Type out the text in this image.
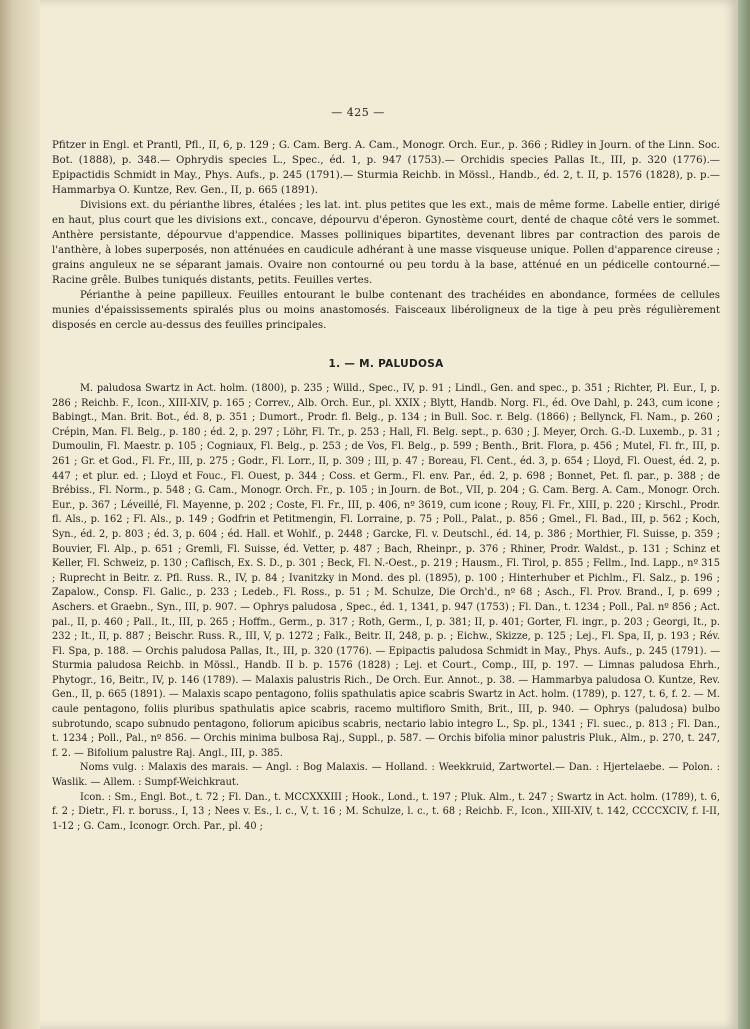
— 425 —

Pfitzer in Engl. et Prantl, Pfl., II, 6, p. 129 ; G. Cam. Berg. A. Cam., Monogr. Orch. Eur., p. 366 ; Ridley in Journ. of the Linn. Soc. Bot. (1888), p. 348.— Ophrydis species L., Spec., éd. 1, p. 947 (1753).— Orchidis species Pallas It., III, p. 320 (1776).— Epipactidis Schmidt in May., Phys. Aufs., p. 245 (1791).— Sturmia Reichb. in Mössl., Handb., éd. 2, t. II, p. 1576 (1828), p. p.— Hammarbya O. Kuntze, Rev. Gen., II, p. 665 (1891).

Divisions ext. du périanthe libres, étalées ; les lat. int. plus petites que les ext., mais de même forme. Labelle entier, dirigé en haut, plus court que les divisions ext., concave, dépourvu d'éperon. Gynostème court, denté de chaque côté vers le sommet. Anthère persistante, dépourvue d'appendice. Masses polliniques bipartites, devenant libres par contraction des parois de l'anthère, à lobes superposés, non atténuées en caudicule adhérant à une masse visqueuse unique. Pollen d'apparence cireuse ; grains anguleux ne se séparant jamais. Ovaire non contourné ou peu tordu à la base, atténué en un pédicelle contourné.— Racine grêle. Bulbes tuniqués distants, petits. Feuilles vertes.

Périanthe à peine papilleux. Feuilles entourant le bulbe contenant des trachéides en abondance, formées de cellules munies d'épaississements spiralés plus ou moins anastomosés. Faisceaux libéroligneux de la tige à peu près régulièrement disposés en cercle au-dessus des feuilles principales.

1. — M. PALUDOSA

M. paludosa Swartz in Act. holm. (1800), p. 235 ; Willd., Spec., IV, p. 91 ; Lindl., Gen. and spec., p. 351 ; Richter, Pl. Eur., I, p. 286 ; Reichb. F., Icon., XIII-XIV, p. 165 ; Correv., Alb. Orch. Eur., pl. XXIX ; Blytt, Handb. Norg. Fl., éd. Ove Dahl, p. 243, cum icone ; Babingt., Man. Brit. Bot., éd. 8, p. 351 ; Dumort., Prodr. fl. Belg., p. 134 ; in Bull. Soc. r. Belg. (1866) ; Bellynck, Fl. Nam., p. 260 ; Crépin, Man. Fl. Belg., p. 180 ; éd. 2, p. 297 ; Löhr, Fl. Tr., p. 253 ; Hall, Fl. Belg. sept., p. 630 ; J. Meyer, Orch. G.-D. Luxemb., p. 31 ; Dumoulin, Fl. Maestr. p. 105 ; Cogniaux, Fl. Belg., p. 253 ; de Vos, Fl. Belg., p. 599 ; Benth., Brit. Flora, p. 456 ; Mutel, Fl. fr., III, p. 261 ; Gr. et God., Fl. Fr., III, p. 275 ; Godr., Fl. Lorr., II, p. 309 ; III, p. 47 ; Boreau, Fl. Cent., éd. 3, p. 654 ; Lloyd, Fl. Ouest, éd. 2, p. 447 ; et plur. ed. ; Lloyd et Fouc., Fl. Ouest, p. 344 ; Coss. et Germ., Fl. env. Par., éd. 2, p. 698 ; Bonnet, Pet. fl. par., p. 388 ; de Brébiss., Fl. Norm., p. 548 ; G. Cam., Monogr. Orch. Fr., p. 105 ; in Journ. de Bot., VII, p. 204 ; G. Cam. Berg. A. Cam., Monogr. Orch. Eur., p. 367 ; Léveillé, Fl. Mayenne, p. 202 ; Coste, Fl. Fr., III, p. 406, nº 3619, cum icone ; Rouy, Fl. Fr., XIII, p. 220 ; Kirschl., Prodr. fl. Als., p. 162 ; Fl. Als., p. 149 ; Godfrin et Petitmengin, Fl. Lorraine, p. 75 ; Poll., Palat., p. 856 ; Gmel., Fl. Bad., III, p. 562 ; Koch, Syn., éd. 2, p. 803 ; éd. 3, p. 604 ; éd. Hall. et Wohlf., p. 2448 ; Garcke, Fl. v. Deutschl., éd. 14, p. 386 ; Morthier, Fl. Suisse, p. 359 ; Bouvier, Fl. Alp., p. 651 ; Gremli, Fl. Suisse, éd. Vetter, p. 487 ; Bach, Rheinpr., p. 376 ; Rhiner, Prodr. Waldst., p. 131 ; Schinz et Keller, Fl. Schweiz, p. 130 ; Caflisch, Ex. S. D., p. 301 ; Beck, Fl. N.-Oest., p. 219 ; Hausm., Fl. Tirol, p. 855 ; Fellm., Ind. Lapp., nº 315 ; Ruprecht in Beitr. z. Pfl. Russ. R., IV, p. 84 ; Ivanitzky in Mond. des pl. (1895), p. 100 ; Hinterhuber et Pichlm., Fl. Salz., p. 196 ; Zapalow., Consp. Fl. Galic., p. 233 ; Ledeb., Fl. Ross., p. 51 ; M. Schulze, Die Orch'd., nº 68 ; Asch., Fl. Prov. Brand., I, p. 699 ; Aschers. et Graebn., Syn., III, p. 907. — Ophrys paludosa , Spec., éd. 1, 1341, p. 947 (1753) ; Fl. Dan., t. 1234 ; Poll., Pal. nº 856 ; Act. pal., II, p. 460 ; Pall., It., III, p. 265 ; Hoffm., Germ., p. 317 ; Roth, Germ., I, p. 381; II, p. 401; Gorter, Fl. ingr., p. 203 ; Georgi, It., p. 232 ; It., II, p. 887 ; Beischr. Russ. R., III, V, p. 1272 ; Falk., Beitr. II, 248, p. p. ; Eichw., Skizze, p. 125 ; Lej., Fl. Spa, II, p. 193 ; Rév. Fl. Spa, p. 188. — Orchis paludosa Pallas, It., III, p. 320 (1776). — Epipactis paludosa Schmidt in May., Phys. Aufs., p. 245 (1791). — Sturmia paludosa Reichb. in Mössl., Handb. II b. p. 1576 (1828) ; Lej. et Court., Comp., III, p. 197. — Limnas paludosa Ehrh., Phytogr., 16, Beitr., IV, p. 146 (1789). — Malaxis palustris Rich., De Orch. Eur. Annot., p. 38. — Hammarbya paludosa O. Kuntze, Rev. Gen., II, p. 665 (1891). — Malaxis scapo pentagono, foliis spathulatis apice scabris Swartz in Act. holm. (1789), p. 127, t. 6, f. 2. — M. caule pentagono, foliis pluribus spathulatis apice scabris, racemo multifloro Smith, Brit., III, p. 940. — Ophrys (paludosa) bulbo subrotundo, scapo subnudo pentagono, foliorum apicibus scabris, nectario labio integro L., Sp. pl., 1341 ; Fl. suec., p. 813 ; Fl. Dan., t. 1234 ; Poll., Pal., nº 856. — Orchis minima bulbosa Raj., Suppl., p. 587. — Orchis bifolia minor palustris Pluk., Alm., p. 270, t. 247, f. 2. — Bifolium palustre Raj. Angl., III, p. 385.

Noms vulg. : Malaxis des marais. — Angl. : Bog Malaxis. — Holland. : Weekkruid, Zartwortel.— Dan. : Hjertelaebe. — Polon. : Waslik. — Allem. : Sumpf-Weichkraut.

Icon. : Sm., Engl. Bot., t. 72 ; Fl. Dan., t. MCCXXXIII ; Hook., Lond., t. 197 ; Pluk. Alm., t. 247 ; Swartz in Act. holm. (1789), t. 6, f. 2 ; Dietr., Fl. r. boruss., I, 13 ; Nees v. Es., l. c., V, t. 16 ; M. Schulze, l. c., t. 68 ; Reichb. F., Icon., XIII-XIV, t. 142, CCCCXCIV, f. I-II, 1-12 ; G. Cam., Iconogr. Orch. Par., pl. 40 ;
